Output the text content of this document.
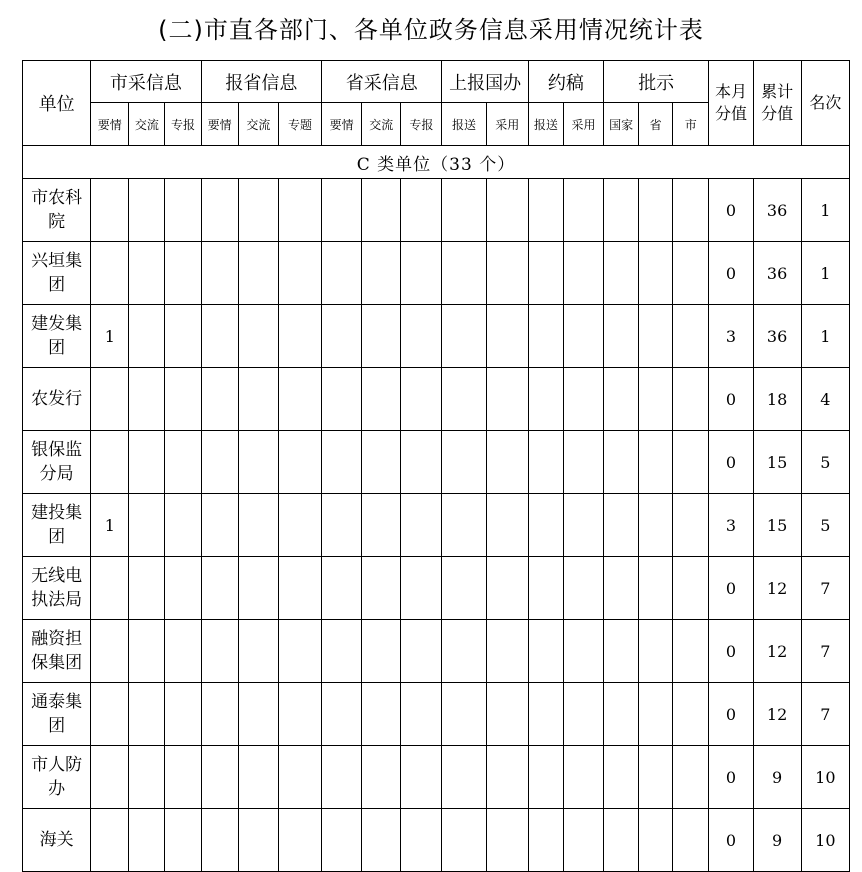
(二)市直各部门、各单位政务信息采用情况统计表
单位	市采信息			报省信息			省采信息			上报国办		约稿		批示			本月分值	累计分值	名次
	要情	交流	专报	要情	交流	专题	要情	交流	专报	报送	采用	报送	采用	国家	省	市			
C 类单位（33 个）																			
市农科院																	0	36	1
兴垣集团																	0	36	1
建发集团	1																3	36	1
农发行																	0	18	4
银保监分局																	0	15	5
建投集团	1																3	15	5
无线电执法局																	0	12	7
融资担保集团																	0	12	7
通泰集团																	0	12	7
市人防办																	0	9	10
海关																	0	9	10
